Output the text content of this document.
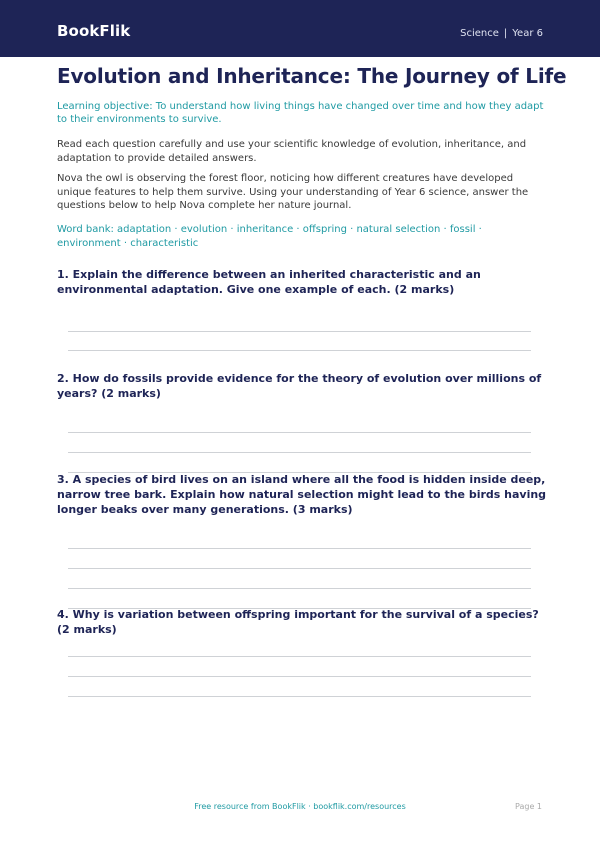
BookFlik	Science | Year 6
Evolution and Inheritance: The Journey of Life

Learning objective: To understand how living things have changed over time and how they adapt to their environments to survive.

Read each question carefully and use your scientific knowledge of evolution, inheritance, and adaptation to provide detailed answers.

Nova the owl is observing the forest floor, noticing how different creatures have developed unique features to help them survive. Using your understanding of Year 6 science, answer the questions below to help Nova complete her nature journal.

Word bank: adaptation · evolution · inheritance · offspring · natural selection · fossil · environment · characteristic

1. Explain the difference between an inherited characteristic and an environmental adaptation. Give one example of each. (2 marks)

2. How do fossils provide evidence for the theory of evolution over millions of years? (2 marks)

3. A species of bird lives on an island where all the food is hidden inside deep, narrow tree bark. Explain how natural selection might lead to the birds having longer beaks over many generations. (3 marks)

4. Why is variation between offspring important for the survival of a species? (2 marks)

Free resource from BookFlik · bookflik.com/resources	Page 1
